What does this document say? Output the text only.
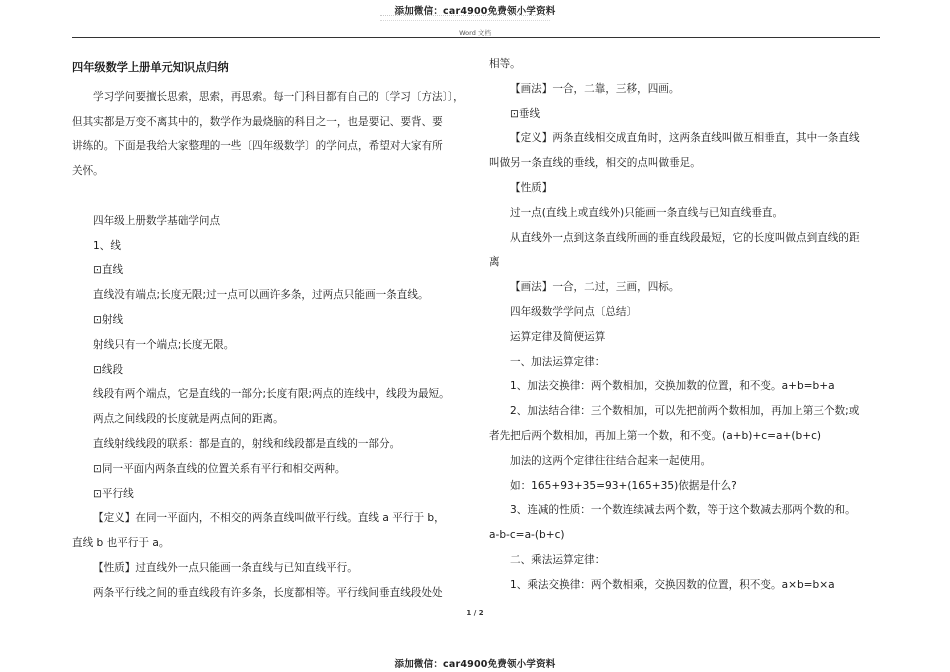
添加微信：car4900免费领小学资料
Word 文档

四年级数学上册单元知识点归纳

学习学问要擅长思索，思索，再思索。每一门科目都有自己的〔学习〔方法〕〕，

但其实都是万变不离其中的，数学作为最烧脑的科目之一，也是要记、要背、要

讲练的。下面是我给大家整理的一些〔四年级数学〕的学问点，希望对大家有所

关怀。

四年级上册数学基础学问点

1、线

⊡直线

直线没有端点;长度无限;过一点可以画许多条，过两点只能画一条直线。

⊡射线

射线只有一个端点;长度无限。

⊡线段

线段有两个端点，它是直线的一部分;长度有限;两点的连线中，线段为最短。

两点之间线段的长度就是两点间的距离。

直线射线线段的联系：都是直的，射线和线段都是直线的一部分。

⊡同一平面内两条直线的位置关系有平行和相交两种。

⊡平行线

【定义】在同一平面内，不相交的两条直线叫做平行线。直线 a 平行于 b，

直线 b 也平行于 a。

【性质】过直线外一点只能画一条直线与已知直线平行。

两条平行线之间的垂直线段有许多条，长度都相等。平行线间垂直线段处处

相等。

【画法】一合，二靠，三移，四画。

⊡垂线

【定义】两条直线相交成直角时，这两条直线叫做互相垂直，其中一条直线

叫做另一条直线的垂线，相交的点叫做垂足。

【性质】

过一点(直线上或直线外)只能画一条直线与已知直线垂直。

从直线外一点到这条直线所画的垂直线段最短，它的长度叫做点到直线的距

离

【画法】一合，二过，三画，四标。

四年级数学学问点〔总结〕

运算定律及简便运算

一、加法运算定律：

1、加法交换律：两个数相加，交换加数的位置，和不变。a+b=b+a

2、加法结合律：三个数相加，可以先把前两个数相加，再加上第三个数;或

者先把后两个数相加，再加上第一个数，和不变。(a+b)+c=a+(b+c)

加法的这两个定律往往结合起来一起使用。

如：165+93+35=93+(165+35)依据是什么?

3、连减的性质：一个数连续减去两个数，等于这个数减去那两个数的和。

a-b-c=a-(b+c)

二、乘法运算定律：

1、乘法交换律：两个数相乘，交换因数的位置，积不变。a×b=b×a

1 / 2
添加微信：car4900免费领小学资料
